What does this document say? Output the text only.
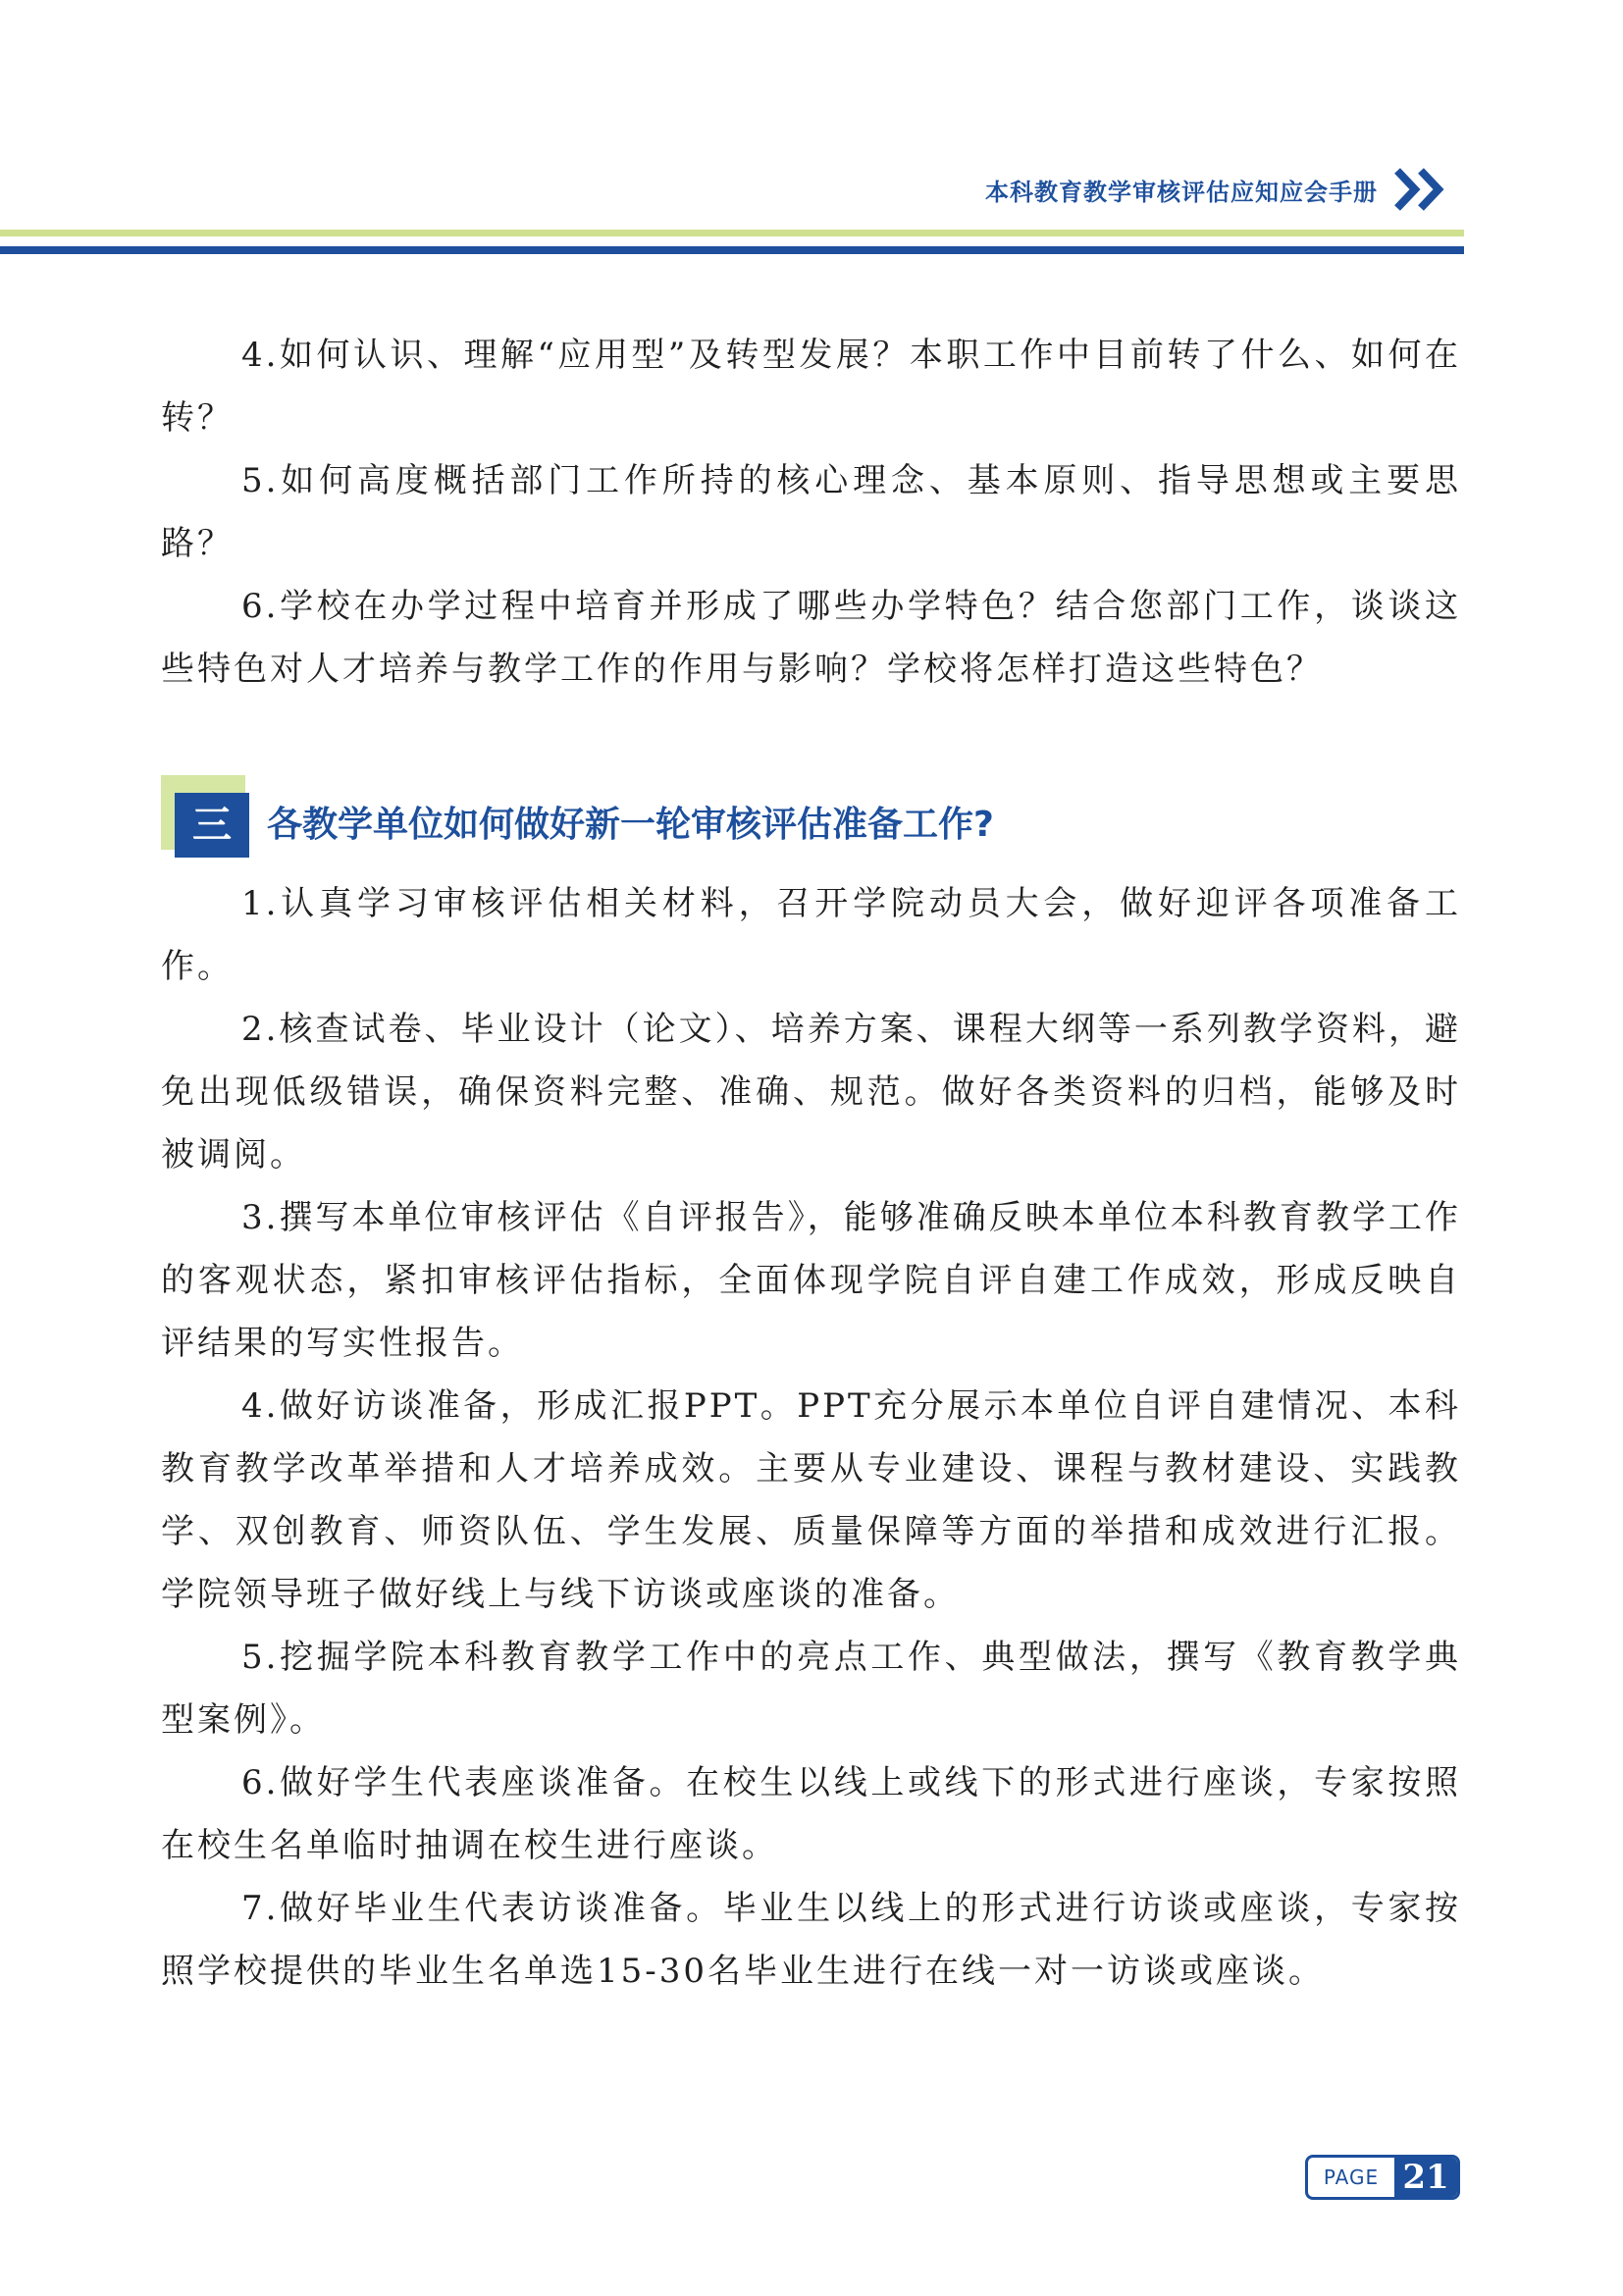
本科教育教学审核评估应知应会手册

4.如何认识、理解“应用型”及转型发展？本职工作中目前转了什么、如何在转？

5.如何高度概括部门工作所持的核心理念、基本原则、指导思想或主要思路？

6.学校在办学过程中培育并形成了哪些办学特色？结合您部门工作，谈谈这些特色对人才培养与教学工作的作用与影响？学校将怎样打造这些特色？

三	各教学单位如何做好新一轮审核评估准备工作?

1.认真学习审核评估相关材料，召开学院动员大会，做好迎评各项准备工作。

2.核查试卷、毕业设计（论文）、培养方案、课程大纲等一系列教学资料，避免出现低级错误，确保资料完整、准确、规范。做好各类资料的归档，能够及时被调阅。

3.撰写本单位审核评估《自评报告》，能够准确反映本单位本科教育教学工作的客观状态，紧扣审核评估指标，全面体现学院自评自建工作成效，形成反映自评结果的写实性报告。

4.做好访谈准备，形成汇报PPT。PPT充分展示本单位自评自建情况、本科教育教学改革举措和人才培养成效。主要从专业建设、课程与教材建设、实践教学、双创教育、师资队伍、学生发展、质量保障等方面的举措和成效进行汇报。学院领导班子做好线上与线下访谈或座谈的准备。

5.挖掘学院本科教育教学工作中的亮点工作、典型做法，撰写《教育教学典型案例》。

6.做好学生代表座谈准备。在校生以线上或线下的形式进行座谈，专家按照在校生名单临时抽调在校生进行座谈。

7.做好毕业生代表访谈准备。毕业生以线上的形式进行访谈或座谈，专家按照学校提供的毕业生名单选15-30名毕业生进行在线一对一访谈或座谈。

PAGE 21
